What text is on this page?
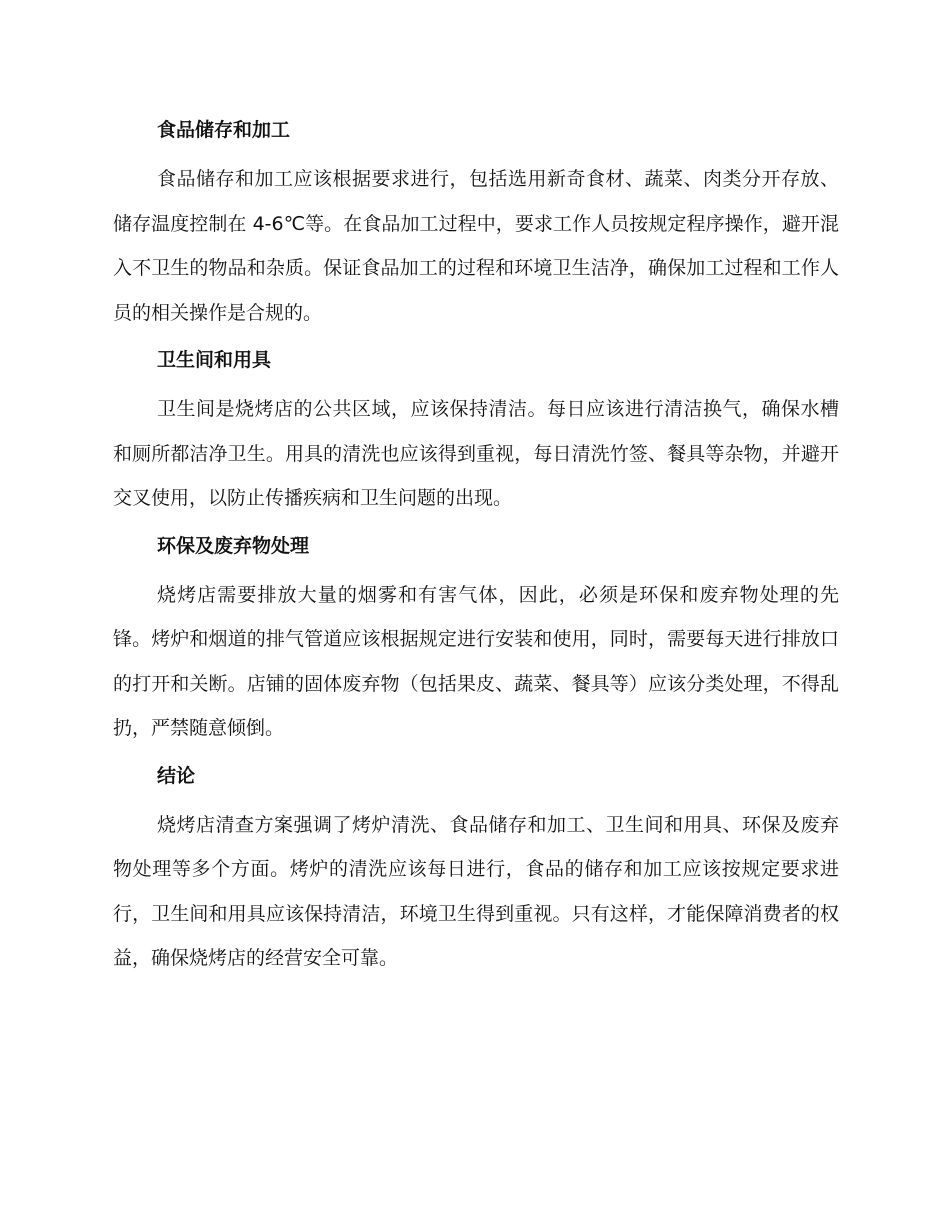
食品储存和加工

食品储存和加工应该根据要求进行，包括选用新奇食材、蔬菜、肉类分开存放、储存温度控制在 4-6℃等。在食品加工过程中，要求工作人员按规定程序操作，避开混入不卫生的物品和杂质。保证食品加工的过程和环境卫生洁净，确保加工过程和工作人员的相关操作是合规的。

卫生间和用具

卫生间是烧烤店的公共区域，应该保持清洁。每日应该进行清洁换气，确保水槽和厕所都洁净卫生。用具的清洗也应该得到重视，每日清洗竹签、餐具等杂物，并避开交叉使用，以防止传播疾病和卫生问题的出现。

环保及废弃物处理

烧烤店需要排放大量的烟雾和有害气体，因此，必须是环保和废弃物处理的先锋。烤炉和烟道的排气管道应该根据规定进行安装和使用，同时，需要每天进行排放口的打开和关断。店铺的固体废弃物（包括果皮、蔬菜、餐具等）应该分类处理，不得乱扔，严禁随意倾倒。

结论

烧烤店清查方案强调了烤炉清洗、食品储存和加工、卫生间和用具、环保及废弃物处理等多个方面。烤炉的清洗应该每日进行，食品的储存和加工应该按规定要求进行，卫生间和用具应该保持清洁，环境卫生得到重视。只有这样，才能保障消费者的权益，确保烧烤店的经营安全可靠。
